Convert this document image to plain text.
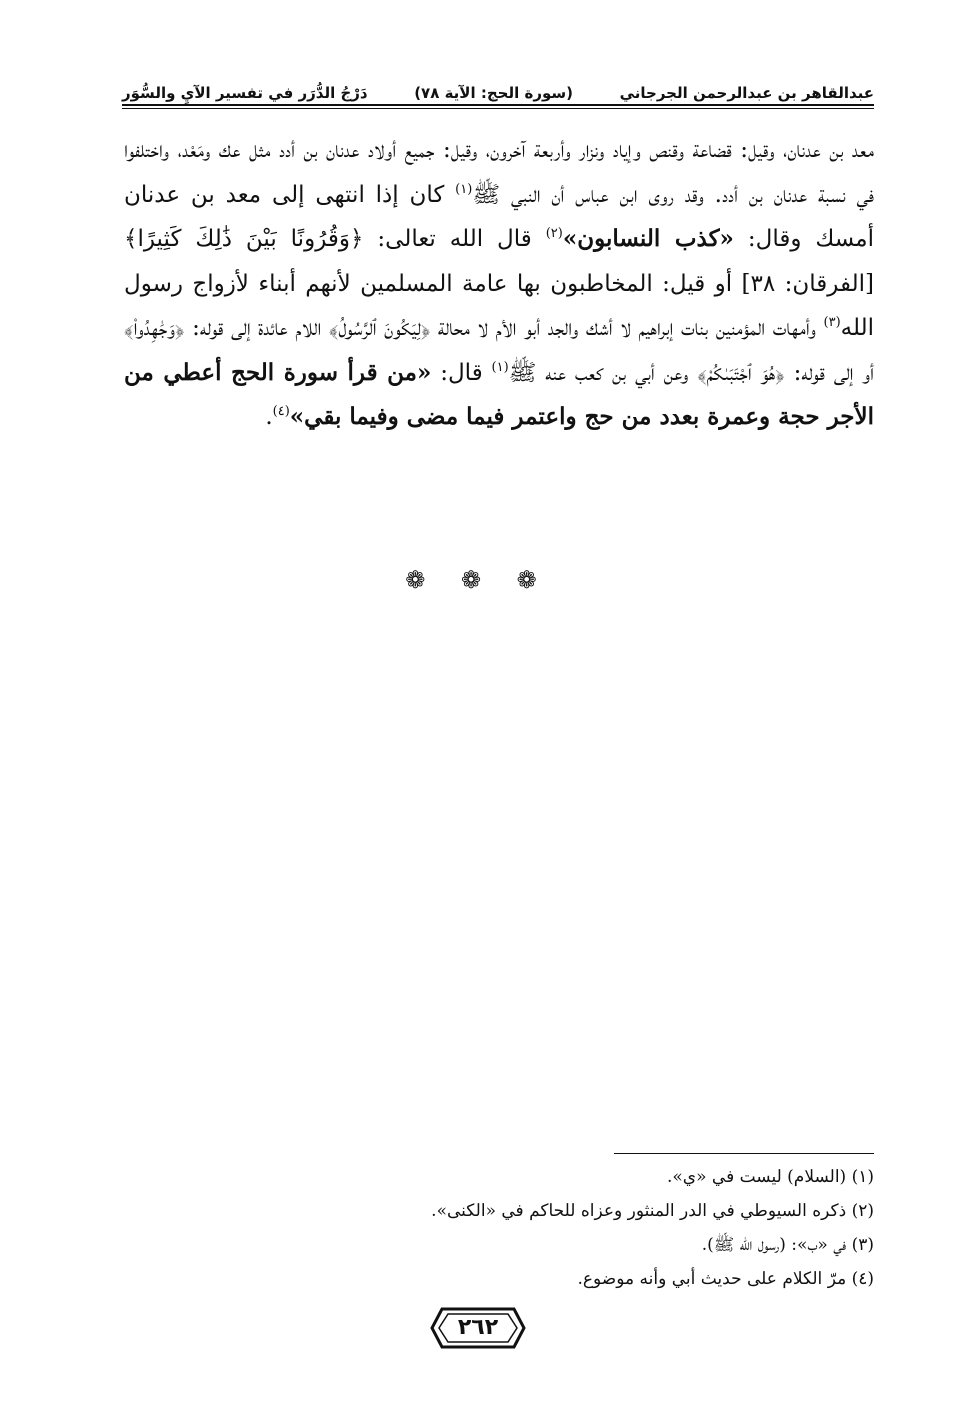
عبدالقاهر بن عبدالرحمن الجرجاني
(سورة الحج: الآية ٧٨)
دَرْجُ الدُّرَر في تفسير الآيِ والسُّوَر

معد بن عدنان، وقيل: قضاعة وقنص وإياد ونزار وأربعة آخرون، وقيل: جميع أولاد عدنان بن أدد مثل عك ومَعْد، واختلفوا في نسبة عدنان بن أدد. وقد روى ابن عباس أن النبي ﷺ$^{(١)}$ كان إذا انتهى إلى معد بن عدنان أمسك وقال: «كذب النسابون»$^{(٢)}$ قال الله تعالى: ﴿وَقُرُونًا بَيْنَ ذَٰلِكَ كَثِيرًا﴾ [الفرقان: ٣٨] أو قيل: المخاطبون بها عامة المسلمين لأنهم أبناء لأزواج رسول الله$^{(٣)}$ وأمهات المؤمنين بنات إبراهيم لا أشك والجد أبو الأم لا محالة ﴿لِيَكُونَ ٱلرَّسُولُ﴾ اللام عائدة إلى قوله: ﴿وَجَٰهِدُواْ﴾ أو إلى قوله: ﴿هُوَ ٱجْتَبَىٰكُمْ﴾ وعن أبي بن كعب عنه ﷺ$^{(١)}$ قال: «من قرأ سورة الحج أعطي من الأجر حجة وعمرة بعدد من حج واعتمر فيما مضى وفيما بقي»$^{(٤)}$.

❁ ❁ ❁
(١) (السلام) ليست في «ي».
(٢) ذكره السيوطي في الدر المنثور وعزاه للحاكم في «الكنى».
(٣) في «ب»: (رسول الله ﷺ).
(٤) مرّ الكلام على حديث أبي وأنه موضوع.
٢٦٢
